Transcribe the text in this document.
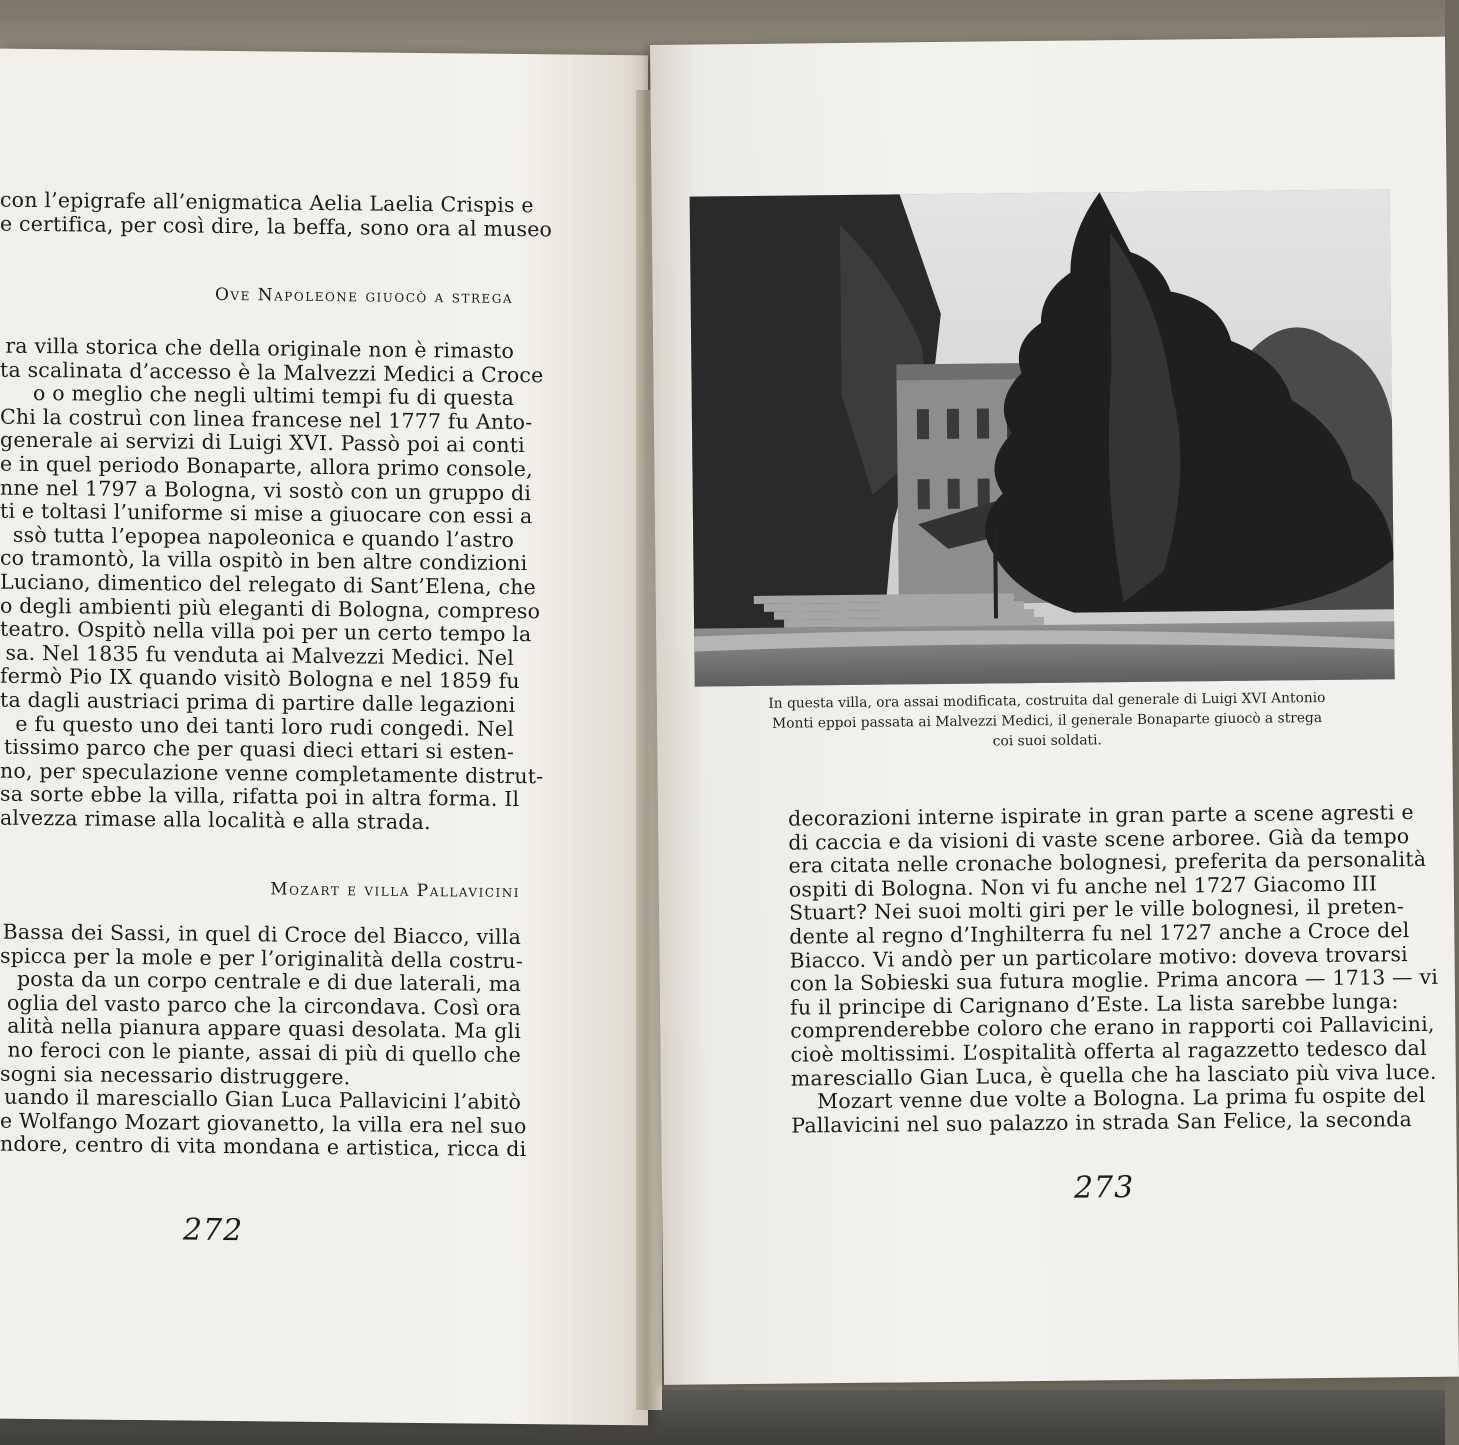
con l’epigrafe all’enigmatica Aelia Laelia Crispis e
e certifica, per così dire, la beffa, sono ora al museo
Ove Napoleone giuocò a strega
ra villa storica che della originale non è rimasto
ta scalinata d’accesso è la Malvezzi Medici a Croce
o o meglio che negli ultimi tempi fu di questa
Chi la costruì con linea francese nel 1777 fu Anto-
generale ai servizi di Luigi XVI. Passò poi ai conti
e in quel periodo Bonaparte, allora primo console,
nne nel 1797 a Bologna, vi sostò con un gruppo di
ti e toltasi l’uniforme si mise a giuocare con essi a
ssò tutta l’epopea napoleonica e quando l’astro
co tramontò, la villa ospitò in ben altre condizioni
Luciano, dimentico del relegato di Sant’Elena, che
o degli ambienti più eleganti di Bologna, compreso
teatro. Ospitò nella villa poi per un certo tempo la
sa. Nel 1835 fu venduta ai Malvezzi Medici. Nel
fermò Pio IX quando visitò Bologna e nel 1859 fu
ta dagli austriaci prima di partire dalle legazioni
e fu questo uno dei tanti loro rudi congedi. Nel
tissimo parco che per quasi dieci ettari si esten-
no, per speculazione venne completamente distrut-
sa sorte ebbe la villa, rifatta poi in altra forma. Il
alvezza rimase alla località e alla strada.
Mozart e villa Pallavicini
Bassa dei Sassi, in quel di Croce del Biacco, villa
spicca per la mole e per l’originalità della costru-
posta da un corpo centrale e di due laterali, ma
oglia del vasto parco che la circondava. Così ora
alità nella pianura appare quasi desolata. Ma gli
no feroci con le piante, assai di più di quello che
sogni sia necessario distruggere.
uando il maresciallo Gian Luca Pallavicini l’abitò
e Wolfango Mozart giovanetto, la villa era nel suo
ndore, centro di vita mondana e artistica, ricca di
272
In questa villa, ora assai modificata, costruita dal generale di Luigi XVI Antonio
Monti eppoi passata ai Malvezzi Medici, il generale Bonaparte giuocò a strega
coi suoi soldati.
decorazioni interne ispirate in gran parte a scene agresti e
di caccia e da visioni di vaste scene arboree. Già da tempo
era citata nelle cronache bolognesi, preferita da personalità
ospiti di Bologna. Non vi fu anche nel 1727 Giacomo III
Stuart? Nei suoi molti giri per le ville bolognesi, il preten-
dente al regno d’Inghilterra fu nel 1727 anche a Croce del
Biacco. Vi andò per un particolare motivo: doveva trovarsi
con la Sobieski sua futura moglie. Prima ancora — 1713 — vi
fu il principe di Carignano d’Este. La lista sarebbe lunga:
comprenderebbe coloro che erano in rapporti coi Pallavicini,
cioè moltissimi. L’ospitalità offerta al ragazzetto tedesco dal
maresciallo Gian Luca, è quella che ha lasciato più viva luce.
Mozart venne due volte a Bologna. La prima fu ospite del
Pallavicini nel suo palazzo in strada San Felice, la seconda
273
